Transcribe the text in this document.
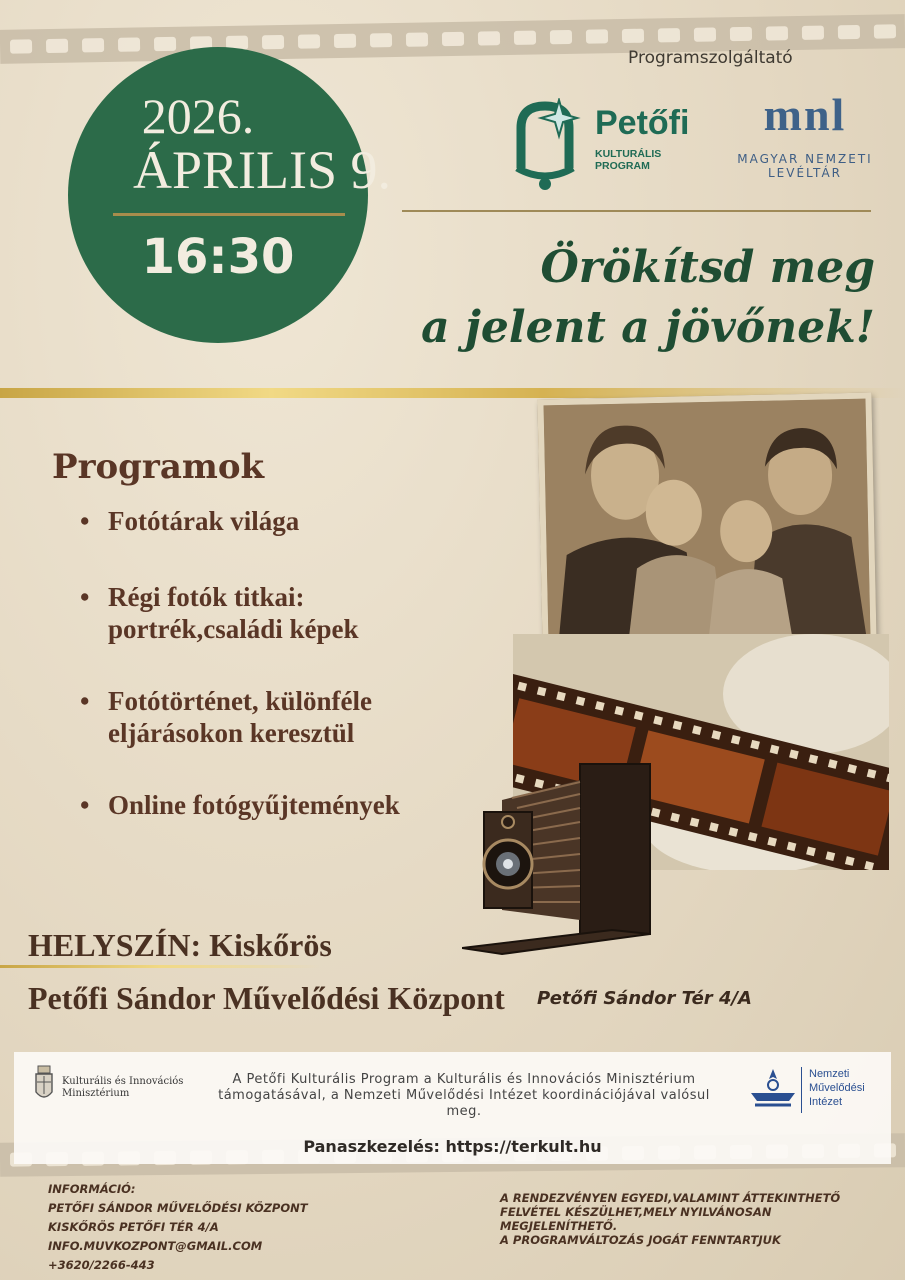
2026.
ÁPRILIS 9.
16:30
Programszolgáltató
Petőfi
KULTURÁLIS PROGRAM
mnl
MAGYAR NEMZETI
LEVÉLTÁR
Örökítsd meg
a jelent a jövőnek!
Programok
• Fotótárak világa
• Régi fotók titkai:
portrék,családi képek
• Fotótörténet, különféle
eljárásokon keresztül
• Online fotógyűjtemények
HELYSZÍN: Kiskőrös
Petőfi Sándor Művelődési Központ Petőfi Sándor Tér 4/A
Kulturális és Innovációs
Minisztérium
A Petőfi Kulturális Program a Kulturális és Innovációs Minisztérium támogatásával, a Nemzeti Művelődési Intézet koordinációjával valósul meg.
Nemzeti
Művelődési
Intézet
Panaszkezelés: https://terkult.hu
INFORMÁCIÓ:
PETŐFI SÁNDOR MŰVELŐDÉSI KÖZPONT
KISKŐRÖS PETŐFI TÉR 4/A
INFO.MUVKOZPONT@GMAIL.COM
+3620/2266-443
A RENDEZVÉNYEN EGYEDI,VALAMINT ÁTTEKINTHETŐ
FELVÉTEL KÉSZÜLHET,MELY NYILVÁNOSAN
MEGJELENÍTHETŐ.
A PROGRAMVÁLTOZÁS JOGÁT FENNTARTJUK
